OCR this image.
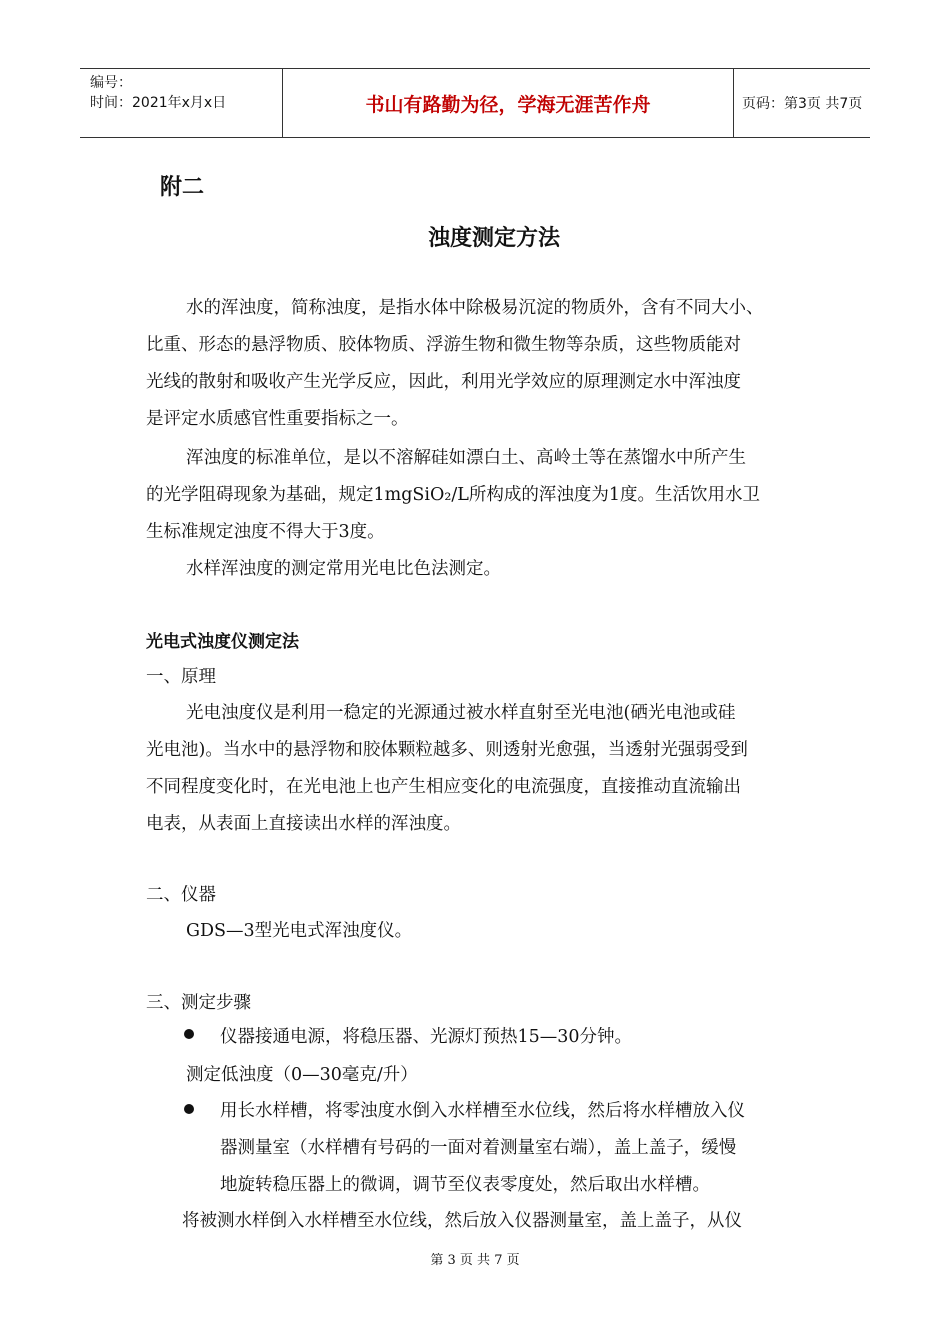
编号：
时间：2021年x月x日	书山有路勤为径，学海无涯苦作舟	页码：第3页 共7页
附二
浊度测定方法
水的浑浊度，简称浊度，是指水体中除极易沉淀的物质外，含有不同大小、
比重、形态的悬浮物质、胶体物质、浮游生物和微生物等杂质，这些物质能对
光线的散射和吸收产生光学反应，因此，利用光学效应的原理测定水中浑浊度
是评定水质感官性重要指标之一。
浑浊度的标准单位，是以不溶解硅如漂白土、高岭土等在蒸馏水中所产生
的光学阻碍现象为基础，规定1mgSiO₂/L所构成的浑浊度为1度。生活饮用水卫
生标准规定浊度不得大于3度。
水样浑浊度的测定常用光电比色法测定。
光电式浊度仪测定法
一、原理
光电浊度仪是利用一稳定的光源通过被水样直射至光电池(硒光电池或硅
光电池)。当水中的悬浮物和胶体颗粒越多、则透射光愈强，当透射光强弱受到
不同程度变化时，在光电池上也产生相应变化的电流强度，直接推动直流输出
电表，从表面上直接读出水样的浑浊度。
二、仪器
GDS—3型光电式浑浊度仪。
三、测定步骤
仪器接通电源，将稳压器、光源灯预热15—30分钟。
测定低浊度（0—30毫克/升）
用长水样槽，将零浊度水倒入水样槽至水位线，然后将水样槽放入仪
器测量室（水样槽有号码的一面对着测量室右端），盖上盖子，缓慢
地旋转稳压器上的微调，调节至仪表零度处，然后取出水样槽。
将被测水样倒入水样槽至水位线，然后放入仪器测量室，盖上盖子，从仪
第 3 页 共 7 页
